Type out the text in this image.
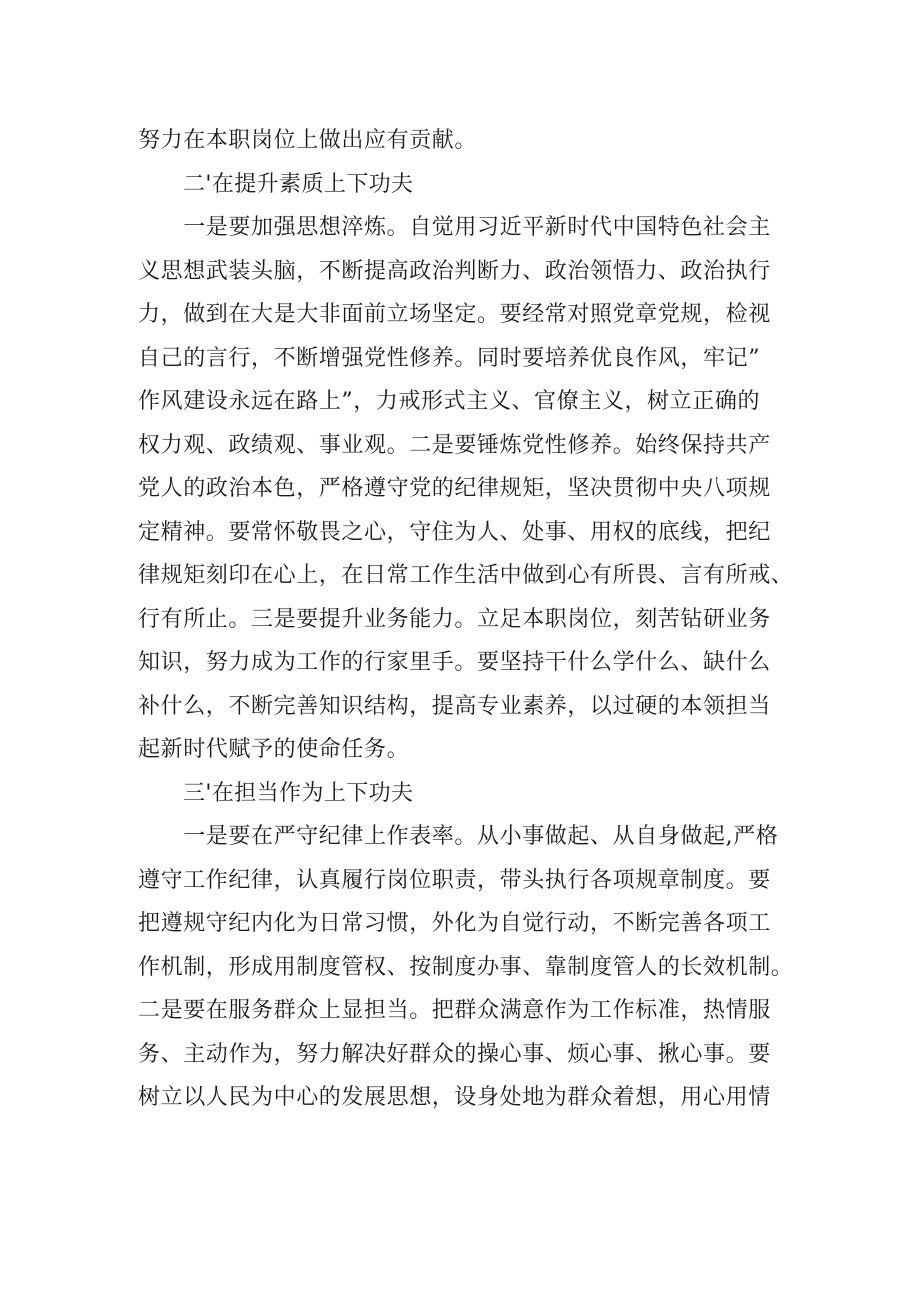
努力在本职岗位上做出应有贡献。
二'在提升素质上下功夫
　　一是要加强思想淬炼。自觉用习近平新时代中国特色社会主
义思想武装头脑，不断提高政治判断力、政治领悟力、政治执行
力，做到在大是大非面前立场坚定。要经常对照党章党规，检视
自己的言行，不断增强党性修养。同时要培养优良作风，牢记”
作风建设永远在路上”，力戒形式主义、官僚主义，树立正确的
权力观、政绩观、事业观。二是要锤炼党性修养。始终保持共产
党人的政治本色，严格遵守党的纪律规矩，坚决贯彻中央八项规
定精神。要常怀敬畏之心，守住为人、处事、用权的底线，把纪
律规矩刻印在心上，在日常工作生活中做到心有所畏、言有所戒、
行有所止。三是要提升业务能力。立足本职岗位，刻苦钻研业务
知识，努力成为工作的行家里手。要坚持干什么学什么、缺什么
补什么，不断完善知识结构，提高专业素养，以过硬的本领担当
起新时代赋予的使命任务。
三'在担当作为上下功夫
　　一是要在严守纪律上作表率。从小事做起、从自身做起,严格
遵守工作纪律，认真履行岗位职责，带头执行各项规章制度。要
把遵规守纪内化为日常习惯，外化为自觉行动，不断完善各项工
作机制，形成用制度管权、按制度办事、靠制度管人的长效机制。
二是要在服务群众上显担当。把群众满意作为工作标准，热情服
务、主动作为，努力解决好群众的操心事、烦心事、揪心事。要
树立以人民为中心的发展思想，设身处地为群众着想，用心用情
